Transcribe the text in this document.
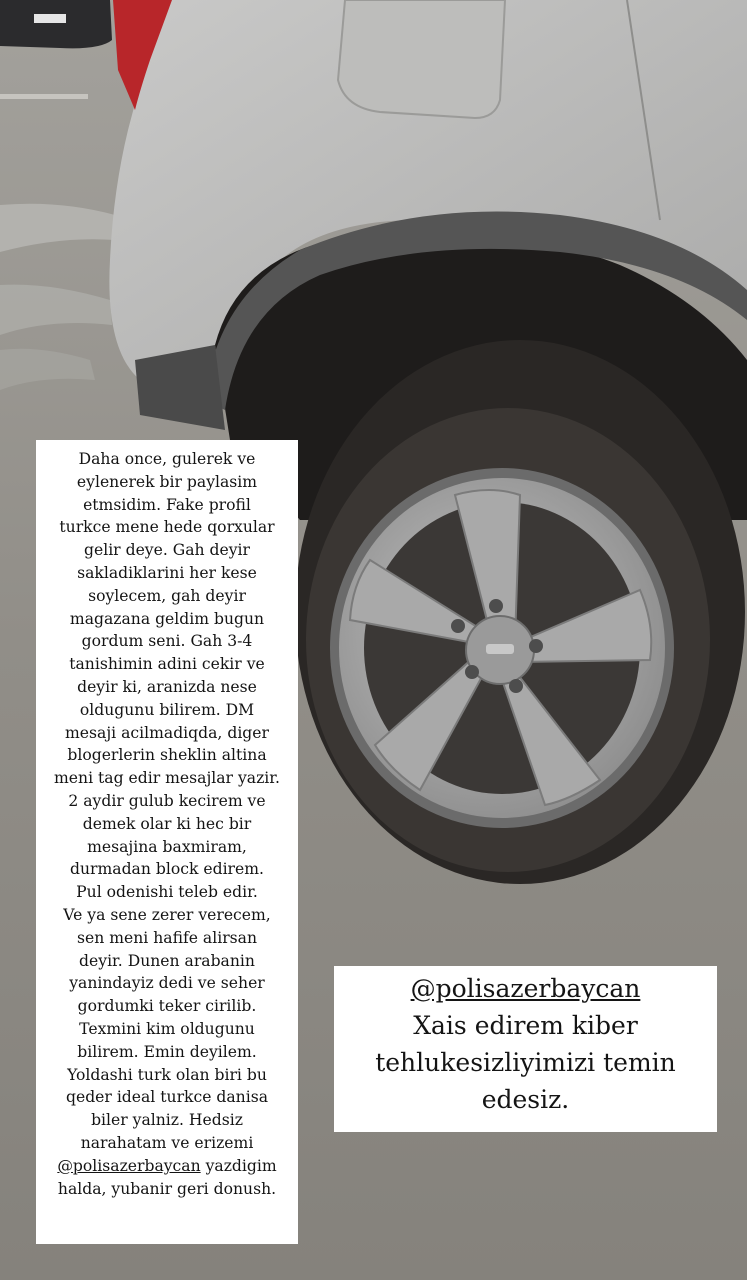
Daha once, gulerek ve
eylenerek bir paylasim
etmsidim. Fake profil
turkce mene hede qorxular
gelir deye. Gah deyir
sakladiklarini her kese
soylecem, gah deyir
magazana geldim bugun
gordum seni. Gah 3-4
tanishimin adini cekir ve
deyir ki, aranizda nese
oldugunu bilirem. DM
mesaji acilmadiqda, diger
blogerlerin sheklin altina
meni tag edir mesajlar yazir.
2 aydir gulub kecirem ve
demek olar ki hec bir
mesajina baxmiram,
durmadan block edirem.
Pul odenishi teleb edir.
Ve ya sene zerer verecem,
sen meni hafife alirsan
deyir. Dunen arabanin
yanindayiz dedi ve seher
gordumki teker cirilib.
Texmini kim oldugunu
bilirem. Emin deyilem.
Yoldashi turk olan biri bu
qeder ideal turkce danisa
biler yalniz. Hedsiz
narahatam ve erizemi
@polisazerbaycan yazdigim
halda, yubanir geri donush.
@polisazerbaycan
Xais edirem kiber
tehlukesizliyimizi temin
edesiz.
